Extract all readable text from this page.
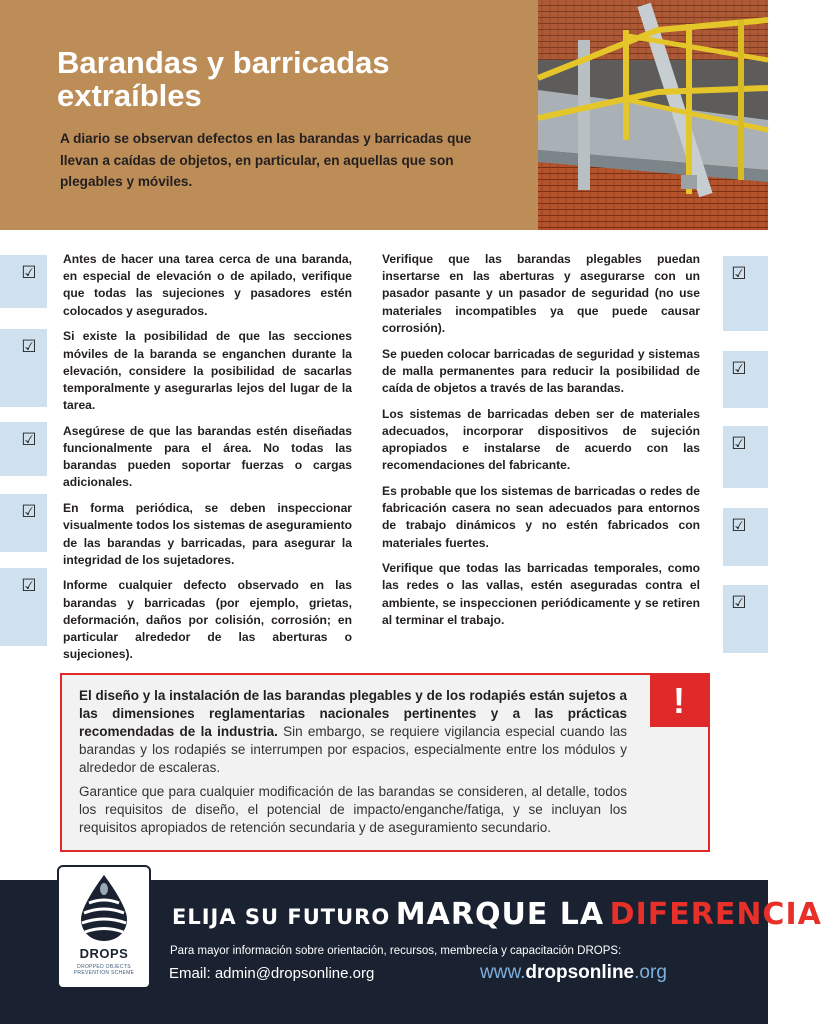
Barandas y barricadas
extraíbles

A diario se observan defectos en las barandas y barricadas que llevan a caídas de objetos, en particular, en aquellas que son plegables y móviles.

☑
☑
☑
☑
☑
☑
☑
☑
☑
☑

Antes de hacer una tarea cerca de una baranda, en especial de elevación o de apilado, verifique que todas las sujeciones y pasadores estén colocados y asegurados.

Si existe la posibilidad de que las secciones móviles de la baranda se enganchen durante la elevación, considere la posibilidad de sacarlas temporalmente y asegurarlas lejos del lugar de la tarea.

Asegúrese de que las barandas estén diseñadas funcionalmente para el área. No todas las barandas pueden soportar fuerzas o cargas adicionales.

En forma periódica, se deben inspeccionar visualmente todos los sistemas de aseguramiento de las barandas y barricadas, para asegurar la integridad de los sujetadores.

Informe cualquier defecto observado en las barandas y barricadas (por ejemplo, grietas, deformación, daños por colisión, corrosión; en particular alrededor de las aberturas o sujeciones).

Verifique que las barandas plegables puedan insertarse en las aberturas y asegurarse con un pasador pasante y un pasador de seguridad (no use materiales incompatibles ya que puede causar corrosión).

Se pueden colocar barricadas de seguridad y sistemas de malla permanentes para reducir la posibilidad de caída de objetos a través de las barandas.

Los sistemas de barricadas deben ser de materiales adecuados, incorporar dispositivos de sujeción apropiados e instalarse de acuerdo con las recomendaciones del fabricante.

Es probable que los sistemas de barricadas o redes de fabricación casera no sean adecuados para entornos de trabajo dinámicos y no estén fabricados con materiales fuertes.

Verifique que todas las barricadas temporales, como las redes o las vallas, estén aseguradas contra el ambiente, se inspeccionen periódicamente y se retiren al terminar el trabajo.

!

El diseño y la instalación de las barandas plegables y de los rodapiés están sujetos a las dimensiones reglamentarias nacionales pertinentes y a las prácticas recomendadas de la industria. Sin embargo, se requiere vigilancia especial cuando las barandas y los rodapiés se interrumpen por espacios, especialmente entre los módulos y alrededor de escaleras.

Garantice que para cualquier modificación de las barandas se consideren, al detalle, todos los requisitos de diseño, el potencial de impacto/enganche/fatiga, y se incluyan los requisitos apropiados de retención secundaria y de aseguramiento secundario.

DROPS
DROPPED OBJECTS PREVENTION SCHEME
ELIJA SU FUTURO MARQUE LA DIFERENCIA
Para mayor información sobre orientación, recursos, membrecía y capacitación DROPS:
Email: admin@dropsonline.org	www.dropsonline.org
